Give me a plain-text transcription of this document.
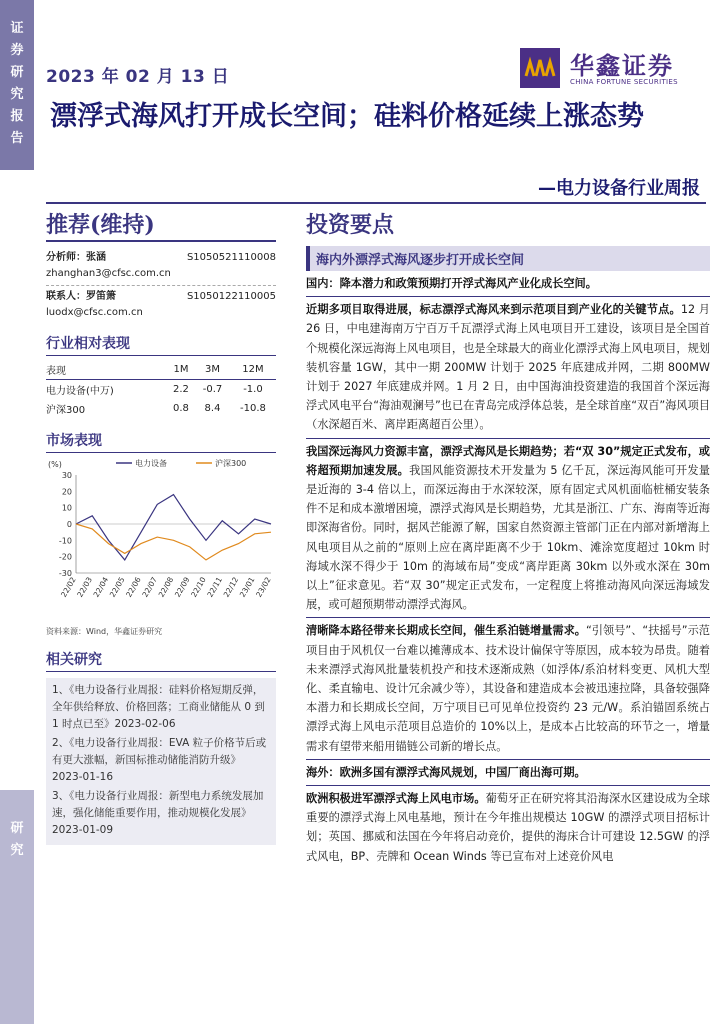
证
券
研
究
报
告
研
究
2023 年 02 月 13 日	华鑫证券
CHINA FORTUNE SECURITIES
漂浮式海风打开成长空间；硅料价格延续上涨态势
—电力设备行业周报
推荐(维持)	投资要点
分析师：张涵	S1050521110008
zhanghan3@cfsc.com.cn
联系人：罗笛箫	S1050122110005
luodx@cfsc.com.cn
行业相对表现
表现	1M	3M	12M
电力设备(中万)	2.2	-0.7	-1.0
沪深300	0.8	8.4	-10.8
市场表现
(%)
30
20
10
0
-10
-20
-30
22/02
22/03
22/04
22/05
22/06
22/07
22/08
22/09
22/10
22/11
22/12
23/01
23/02
电力设备	沪深300
资料来源：Wind，华鑫证券研究
相关研究

1、《电力设备行业周报：硅料价格短期反弹，全年供给释放、价格回落；工商业储能从 0 到 1 时点已至》2023-02-06

2、《电力设备行业周报：EVA 粒子价格节后或有更大涨幅，新国标推动储能消防升级》2023-01-16

3、《电力设备行业周报：新型电力系统发展加速，强化储能重要作用，推动规模化发展》2023-01-09

海内外漂浮式海风逐步打开成长空间
国内：降本潜力和政策预期打开浮式海风产业化成长空间。
近期多项目取得进展，标志漂浮式海风来到示范项目到产业化的关键节点。12 月 26 日，中电建海南万宁百万千瓦漂浮式海上风电项目开工建设，该项目是全国首个规模化深远海海上风电项目，也是全球最大的商业化漂浮式海上风电项目，规划装机容量 1GW，其中一期 200MW 计划于 2025 年底建成并网，二期 800MW 计划于 2027 年底建成并网。1 月 2 日，由中国海油投资建造的我国首个深远海浮式风电平台“海油观澜号”也已在青岛完成浮体总装，是全球首座“双百”海风项目（水深超百米、离岸距离超百公里）。
我国深远海风力资源丰富，漂浮式海风是长期趋势；若“双 30”规定正式发布，或将超预期加速发展。我国风能资源技术开发量为 5 亿千瓦，深远海风能可开发量是近海的 3-4 倍以上，而深远海由于水深较深，原有固定式风机面临桩桶安装条件不足和成本激增困境，漂浮式海风是长期趋势，尤其是浙江、广东、海南等近海即深海省份。同时，据风芒能源了解，国家自然资源主管部门正在内部对新增海上风电项目从之前的“原则上应在离岸距离不少于 10km、滩涂宽度超过 10km 时海域水深不得少于 10m 的海域布局”变成“离岸距离 30km 以外或水深在 30m 以上”征求意见。若“双 30”规定正式发布，一定程度上将推动海风向深远海域发展，或可超预期带动漂浮式海风。
清晰降本路径带来长期成长空间，催生系泊链增量需求。“引领号”、“扶摇号”示范项目由于风机仅一台难以摊薄成本、技术设计偏保守等原因，成本较为昂贵。随着未来漂浮式海风批量装机投产和技术逐渐成熟（如浮体/系泊材料变更、风机大型化、柔直输电、设计冗余减少等），其设备和建造成本会被迅速拉降，具备较强降本潜力和长期成长空间，万宁项目已可见单位投资约 23 元/W。系泊锚固系统占漂浮式海上风电示范项目总造价的 10%以上，是成本占比较高的环节之一，增量需求有望带来船用锚链公司新的增长点。
海外：欧洲多国有漂浮式海风规划，中国厂商出海可期。
欧洲积极进军漂浮式海上风电市场。葡萄牙正在研究将其沿海深水区建设成为全球重要的漂浮式海上风电基地，预计在今年推出规模达 10GW 的漂浮式项目招标计划；英国、挪威和法国在今年将启动竞价，提供的海床合计可建设 12.5GW 的浮式风电，BP、壳牌和 Ocean Winds 等已宣布对上述竞价风电
